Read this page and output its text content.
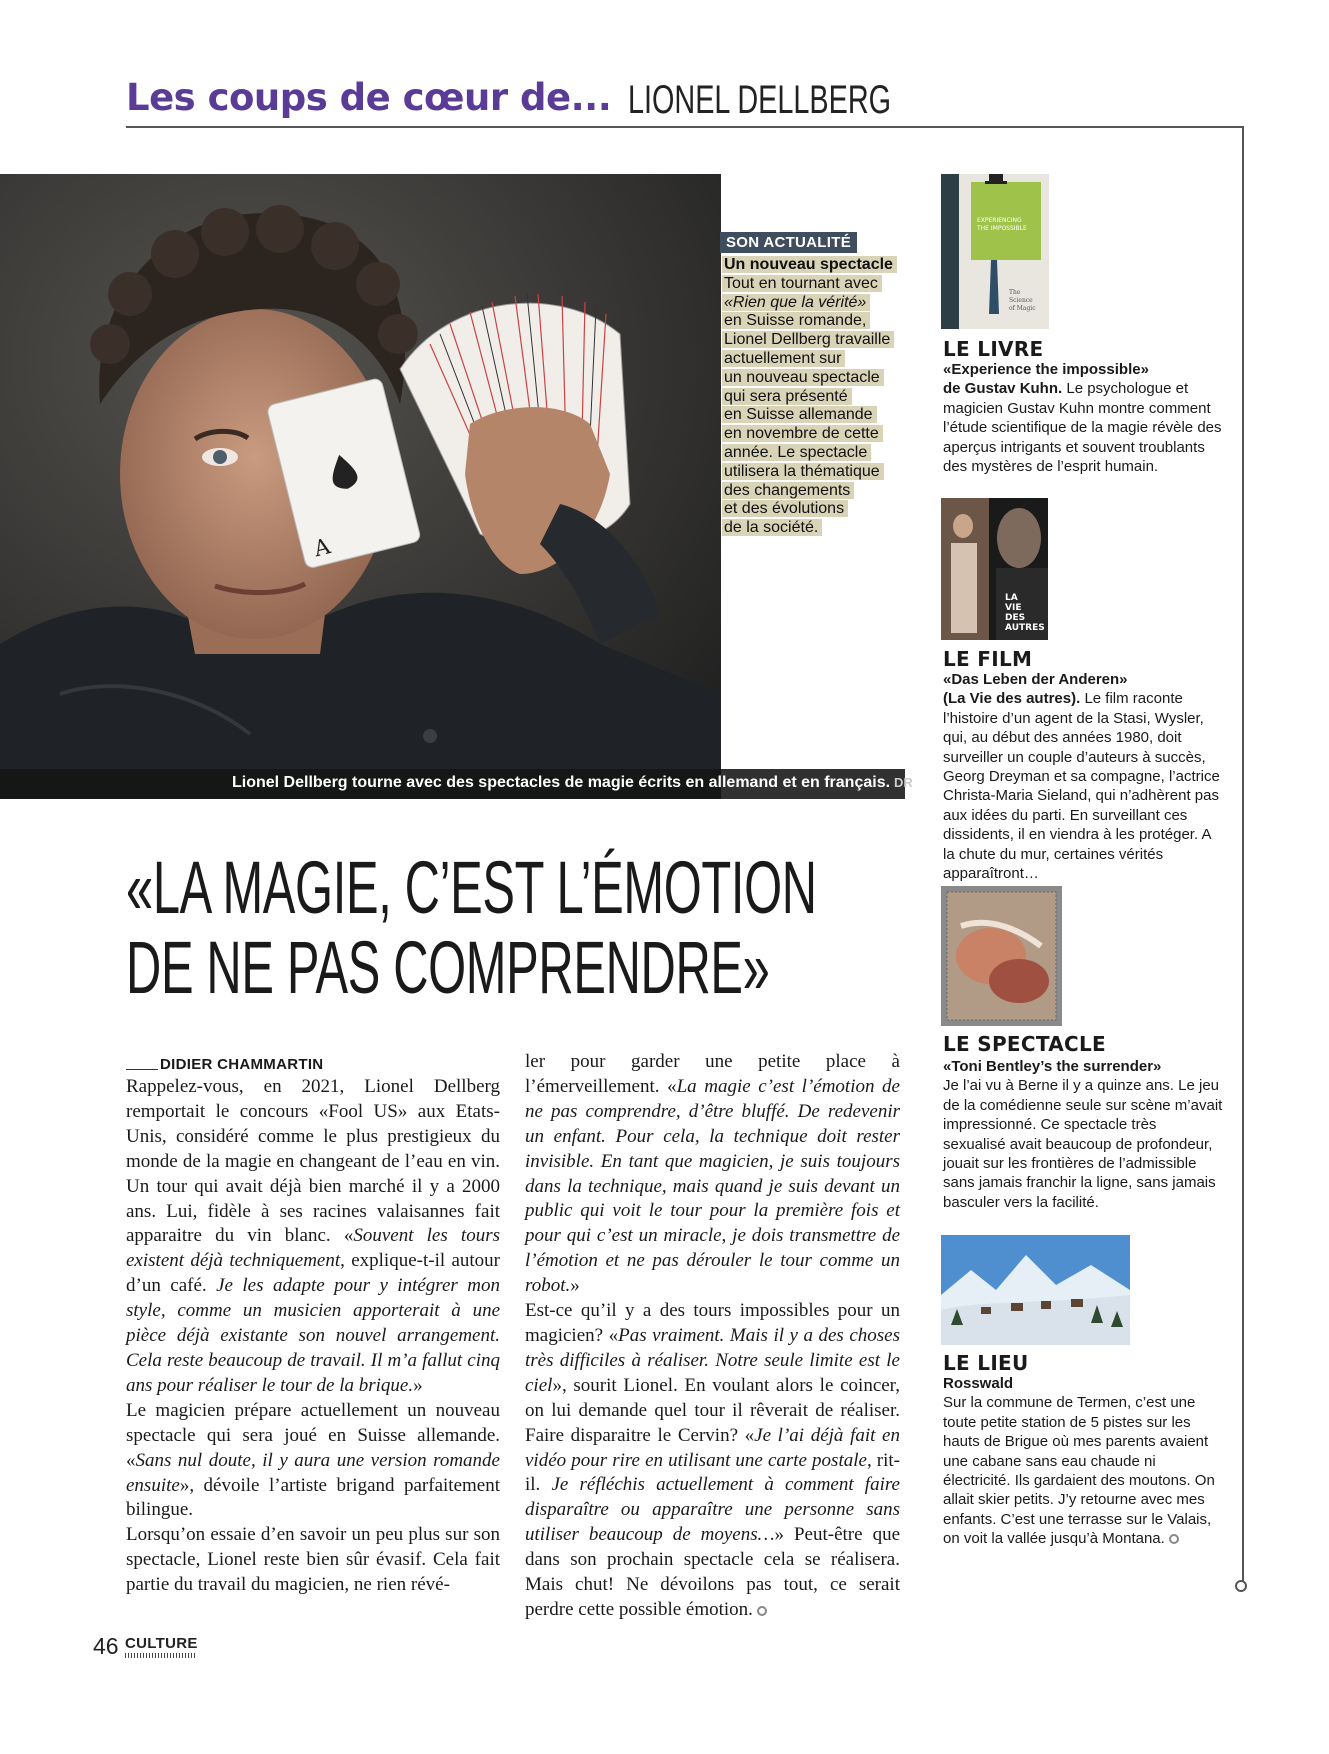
Les coups de cœur de... LIONEL DELLBERG
A
Lionel Dellberg tourne avec des spectacles de magie écrits en allemand et en français. DR
SON ACTUALITÉ
Un nouveau spectacle
Tout en tournant avec
«Rien que la vérité»
en Suisse romande,
Lionel Dellberg travaille
actuellement sur
un nouveau spectacle
qui sera présenté
en Suisse allemande
en novembre de cette
année. Le spectacle
utilisera la thématique
des changements
et des évolutions
de la société.
«LA MAGIE, C’EST L’ÉMOTION
DE NE PAS COMPRENDRE»
DIDIER CHAMMARTIN

Rappelez-vous, en 2021, Lionel Dellberg remportait le concours «Fool US» aux Etats-Unis, considéré comme le plus prestigieux du monde de la magie en changeant de l’eau en vin. Un tour qui avait déjà bien marché il y a 2000 ans. Lui, fidèle à ses racines valaisannes fait apparaitre du vin blanc. «Souvent les tours existent déjà techniquement, explique-t-il autour d’un café. Je les adapte pour y intégrer mon style, comme un musicien apporterait à une pièce déjà existante son nouvel arrangement. Cela reste beaucoup de travail. Il m’a fallut cinq ans pour réaliser le tour de la brique.»

Le magicien prépare actuellement un nouveau spectacle qui sera joué en Suisse allemande. «Sans nul doute, il y aura une version romande ensuite», dévoile l’artiste brigand parfaitement bilingue.

Lorsqu’on essaie d’en savoir un peu plus sur son spectacle, Lionel reste bien sûr évasif. Cela fait partie du travail du magicien, ne rien révé-

ler pour garder une petite place à l’émerveillement. «La magie c’est l’émotion de ne pas comprendre, d’être bluffé. De redevenir un enfant. Pour cela, la technique doit rester invisible. En tant que magicien, je suis toujours dans la technique, mais quand je suis devant un public qui voit le tour pour la première fois et pour qui c’est un miracle, je dois transmettre de l’émotion et ne pas dérouler le tour comme un robot.»

Est-ce qu’il y a des tours impossibles pour un magicien? «Pas vraiment. Mais il y a des choses très difficiles à réaliser. Notre seule limite est le ciel», sourit Lionel. En voulant alors le coincer, on lui demande quel tour il rêverait de réaliser. Faire disparaitre le Cervin? «Je l’ai déjà fait en vidéo pour rire en utilisant une carte postale, rit-il. Je réfléchis actuellement à comment faire disparaître ou apparaître une personne sans utiliser beaucoup de moyens…» Peut-être que dans son prochain spectacle cela se réalisera. Mais chut! Ne dévoilons pas tout, ce serait perdre cette possible émotion.

EXPERIENCING
THE IMPOSSIBLE
The
Science
of Magic
LE LIVRE
«Experience the impossible»
de Gustav Kuhn. Le psychologue et magicien Gustav Kuhn montre comment l’étude scientifique de la magie révèle des aperçus intrigants et souvent troublants des mystères de l’esprit humain.
LA
VIE
DES
AUTRES
LE FILM
«Das Leben der Anderen»
(La Vie des autres). Le film raconte l’histoire d’un agent de la Stasi, Wysler, qui, au début des années 1980, doit surveiller un couple d’auteurs à succès, Georg Dreyman et sa compagne, l’actrice Christa-Maria Sieland, qui n’adhèrent pas aux idées du parti. En surveillant ces dissidents, il en viendra à les protéger. A la chute du mur, certaines vérités apparaîtront…
LE SPECTACLE
«Toni Bentley’s the surrender»
Je l’ai vu à Berne il y a quinze ans. Le jeu de la comédienne seule sur scène m’avait impressionné. Ce spectacle très sexualisé avait beaucoup de profondeur, jouait sur les frontières de l’admissible sans jamais franchir la ligne, sans jamais basculer vers la facilité.
LE LIEU
Rosswald
Sur la commune de Termen, c’est une toute petite station de 5 pistes sur les hauts de Brigue où mes parents avaient une cabane sans eau chaude ni électricité. Ils gardaient des moutons. On allait skier petits. J’y retourne avec mes enfants. C’est une terrasse sur le Valais, on voit la vallée jusqu’à Montana.
46 CULTURE
